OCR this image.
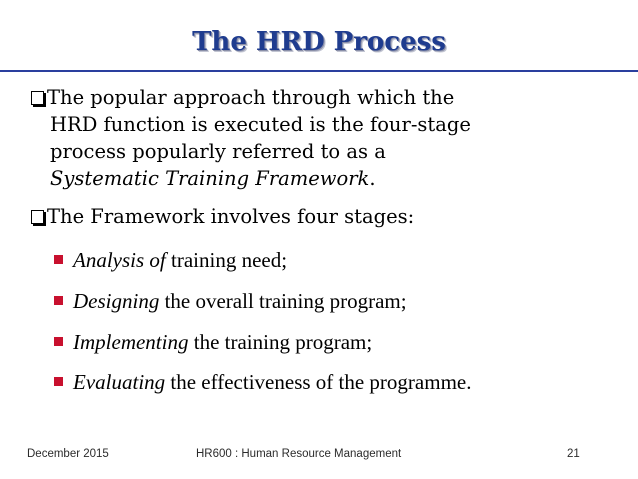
The HRD Process
The popular approach through which the
HRD function is executed is the four-stage
process popularly referred to as a
Systematic Training Framework.
The Framework involves four stages:
Analysis of training need;
Designing the overall training program;
Implementing the training program;
Evaluating the effectiveness of the programme.
December 2015	HR600 : Human Resource Management	21
